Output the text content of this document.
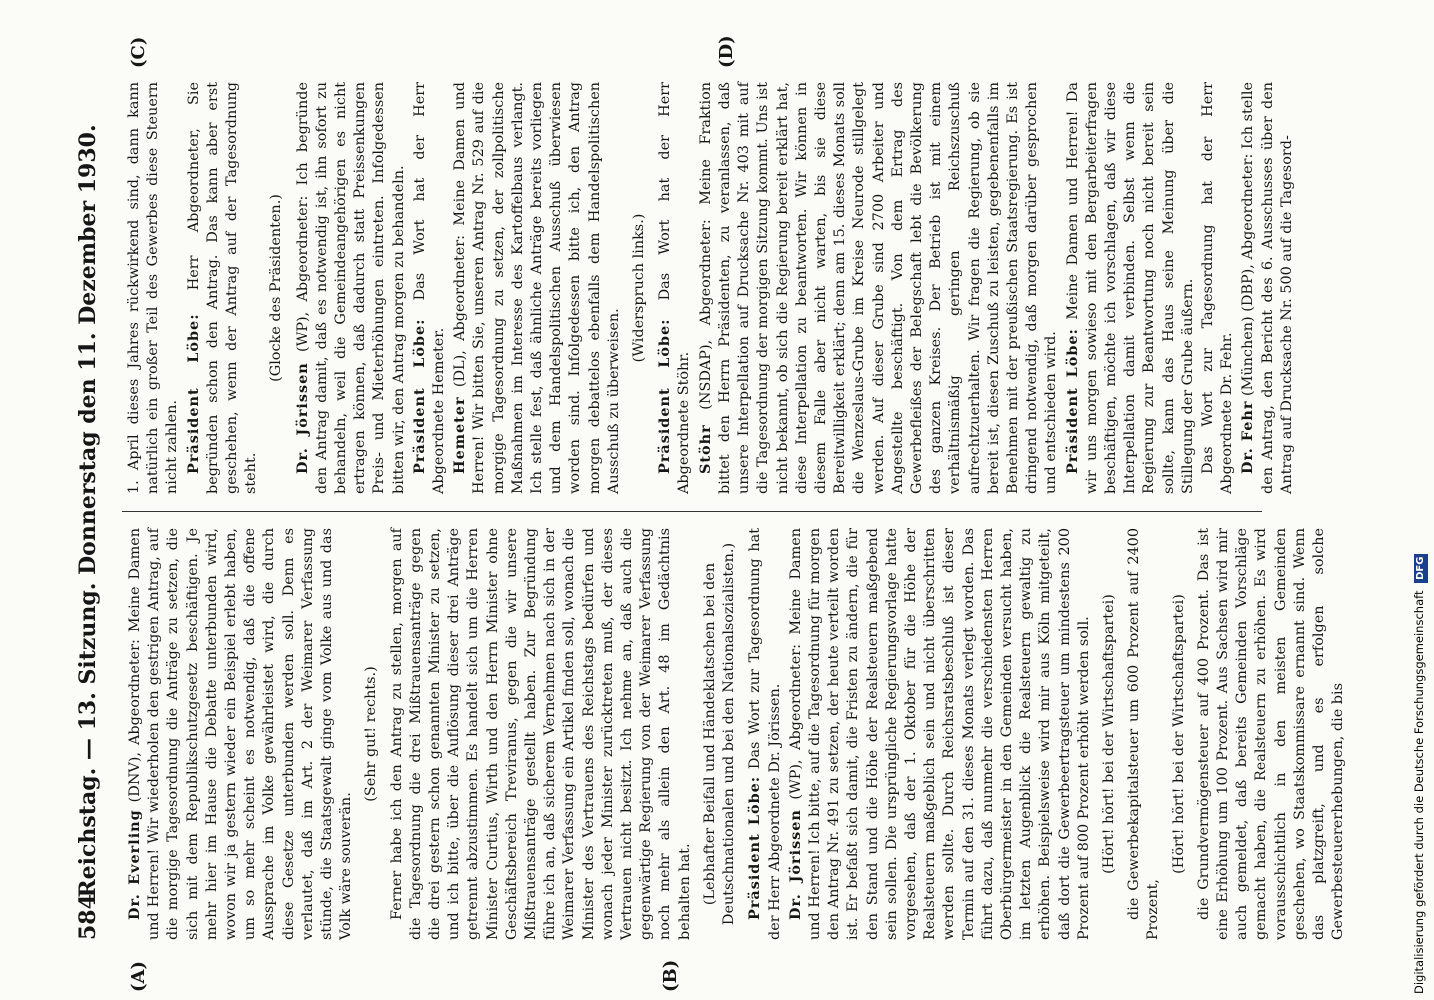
584
Reichstag. — 13. Sitzung. Donnerstag den 11. Dezember 1930.
(A)	(B)
(C)	(D)

Dr. Everling (DNV), Abgeordneter: Meine Damen und Herren! Wir wiederholen den gestrigen Antrag, auf die morgige Tagesordnung die Anträge zu setzen, die sich mit dem Republikschutzgesetz beschäftigen. Je mehr hier im Hause die Debatte unterbunden wird, wovon wir ja gestern wieder ein Beispiel erlebt haben, um so mehr scheint es notwendig, daß die offene Aussprache im Volke gewährleistet wird, die durch diese Gesetze unterbunden werden soll. Denn es verlautet, daß im Art. 2 der Weimarer Verfassung stünde, die Staatsgewalt ginge vom Volke aus und das Volk wäre souverän.

(Sehr gut! rechts.) Ferner habe ich den Antrag zu stellen, morgen auf die Tagesordnung die drei Mißtrauensanträge gegen die drei gestern schon genannten Minister zu setzen, und ich bitte, über die Auflösung dieser drei Anträge getrennt abzustimmen. Es handelt sich um die Herren Minister Curtius, Wirth und den Herrn Minister ohne Geschäftsbereich Treviranus, gegen die wir unsere Mißtrauensanträge gestellt haben. Zur Begründung führe ich an, daß sicherem Vernehmen nach sich in der Weimarer Verfassung ein Artikel finden soll, wonach die Minister des Vertrauens des Reichstags bedürfen und wonach jeder Minister zurücktreten muß, der dieses Vertrauen nicht besitzt. Ich nehme an, daß auch die gegenwärtige Regierung von der Weimarer Verfassung noch mehr als allein den Art. 48 im Gedächtnis behalten hat. (Lebhafter Beifall und Händeklatschen bei den Deutschnationalen und bei den Nationalsozialisten.) Präsident Löbe: Das Wort zur Tagesordnung hat der Herr Abgeordnete Dr. Jörissen. Dr. Jörissen (WP), Abgeordneter: Meine Damen und Herren! Ich bitte, auf die Tagesordnung für morgen den Antrag Nr. 491 zu setzen, der heute verteilt worden ist. Er befaßt sich damit, die Fristen zu ändern, die für den Stand und die Höhe der Realsteuern maßgebend sein sollen. Die ursprüngliche Regierungsvorlage hatte vorgesehen, daß der 1. Oktober für die Höhe der Realsteuern maßgeblich sein und nicht überschritten werden sollte. Durch Reichsratsbeschluß ist dieser Termin auf den 31. dieses Monats verlegt worden. Das führt dazu, daß nunmehr die verschiedensten Herren Oberbürgermeister in den Gemeinden versucht haben, im letzten Augenblick die Realsteuern gewaltig zu erhöhen. Beispielsweise wird mir aus Köln mitgeteilt, daß dort die Gewerbeertragsteuer um mindestens 200 Prozent auf 800 Prozent erhöht werden soll. (Hört! hört! bei der Wirtschaftspartei) die Gewerbekapitalsteuer um 600 Prozent auf 2400 Prozent,

(Hört! hört! bei der Wirtschaftspartei) die Grundvermögensteuer auf 400 Prozent. Das ist eine Erhöhung um 100 Prozent. Aus Sachsen wird mir auch gemeldet, daß bereits Gemeinden Vorschläge gemacht haben, die Realsteuern zu erhöhen. Es wird vorausschichtlich in den meisten Gemeinden geschehen, wo Staatskommissare ernannt sind. Wenn das platzgreift, und es erfolgen solche Gewerbesteuererhebungen, die bis

1. April dieses Jahres rückwirkend sind, dann kann natürlich ein großer Teil des Gewerbes diese Steuern nicht zahlen. Präsident Löbe: Herr Abgeordneter, Sie begründen schon den Antrag. Das kann aber erst geschehen, wenn der Antrag auf der Tagesordnung steht.

(Glocke des Präsidenten.)

Dr. Jörissen (WP), Abgeordneter: Ich begründe den Antrag damit, daß es notwendig ist, ihn sofort zu behandeln, weil die Gemeindeangehörigen es nicht ertragen können, daß dadurch statt Preissenkungen Preis- und Mieterhöhungen eintreten. Infolgedessen bitten wir, den Antrag morgen zu behandeln. Präsident Löbe: Das Wort hat der Herr Abgeordnete Hemeter. Hemeter (DL), Abgeordneter: Meine Damen und Herren! Wir bitten Sie, unseren Antrag Nr. 529 auf die morgige Tagesordnung zu setzen, der zollpolitische Maßnahmen im Interesse des Kartoffelbaus verlangt. Ich stelle fest, daß ähnliche Anträge bereits vorliegen und dem Handelspolitischen Ausschuß überwiesen worden sind. Infolgedessen bitte ich, den Antrag morgen debattelos ebenfalls dem Handelspolitischen Ausschuß zu überweisen.

(Widerspruch links.)

Präsident Löbe: Das Wort hat der Herr Abgeordnete Stöhr. Stöhr (NSDAP), Abgeordneter: Meine Fraktion bittet den Herrn Präsidenten, zu veranlassen, daß unsere Interpellation auf Drucksache Nr. 403 mit auf die Tagesordnung der morgigen Sitzung kommt. Uns ist nicht bekannt, ob sich die Regierung bereit erklärt hat, diese Interpellation zu beantworten. Wir können in diesem Falle aber nicht warten, bis sie diese Bereitwilligkeit erklärt; denn am 15. dieses Monats soll die Wenzeslaus-Grube im Kreise Neurode stillgelegt werden. Auf dieser Grube sind 2700 Arbeiter und Angestellte beschäftigt. Von dem Ertrag des Gewerbefleißes der Belegschaft lebt die Bevölkerung des ganzen Kreises. Der Betrieb ist mit einem verhältnismäßig geringen Reichszuschuß aufrechtzuerhalten. Wir fragen die Regierung, ob sie bereit ist, diesen Zuschuß zu leisten, gegebenenfalls im Benehmen mit der preußischen Staatsregierung. Es ist dringend notwendig, daß morgen darüber gesprochen und entschieden wird. Präsident Löbe: Meine Damen und Herren! Da wir uns morgen sowieso mit den Bergarbeiterfragen beschäftigen, möchte ich vorschlagen, daß wir diese Interpellation damit verbinden. Selbst wenn die Regierung zur Beantwortung noch nicht bereit sein sollte, kann das Haus seine Meinung über die Stillegung der Grube äußern. Das Wort zur Tagesordnung hat der Herr Abgeordnete Dr. Fehr. Dr. Fehr (München) (DBP), Abgeordneter: Ich stelle den Antrag, den Bericht des 6. Ausschusses über den Antrag auf Drucksache Nr. 500 auf die Tagesord-

Digitalisierung gefördert durch die Deutsche Forschungsgemeinschaft DFG
